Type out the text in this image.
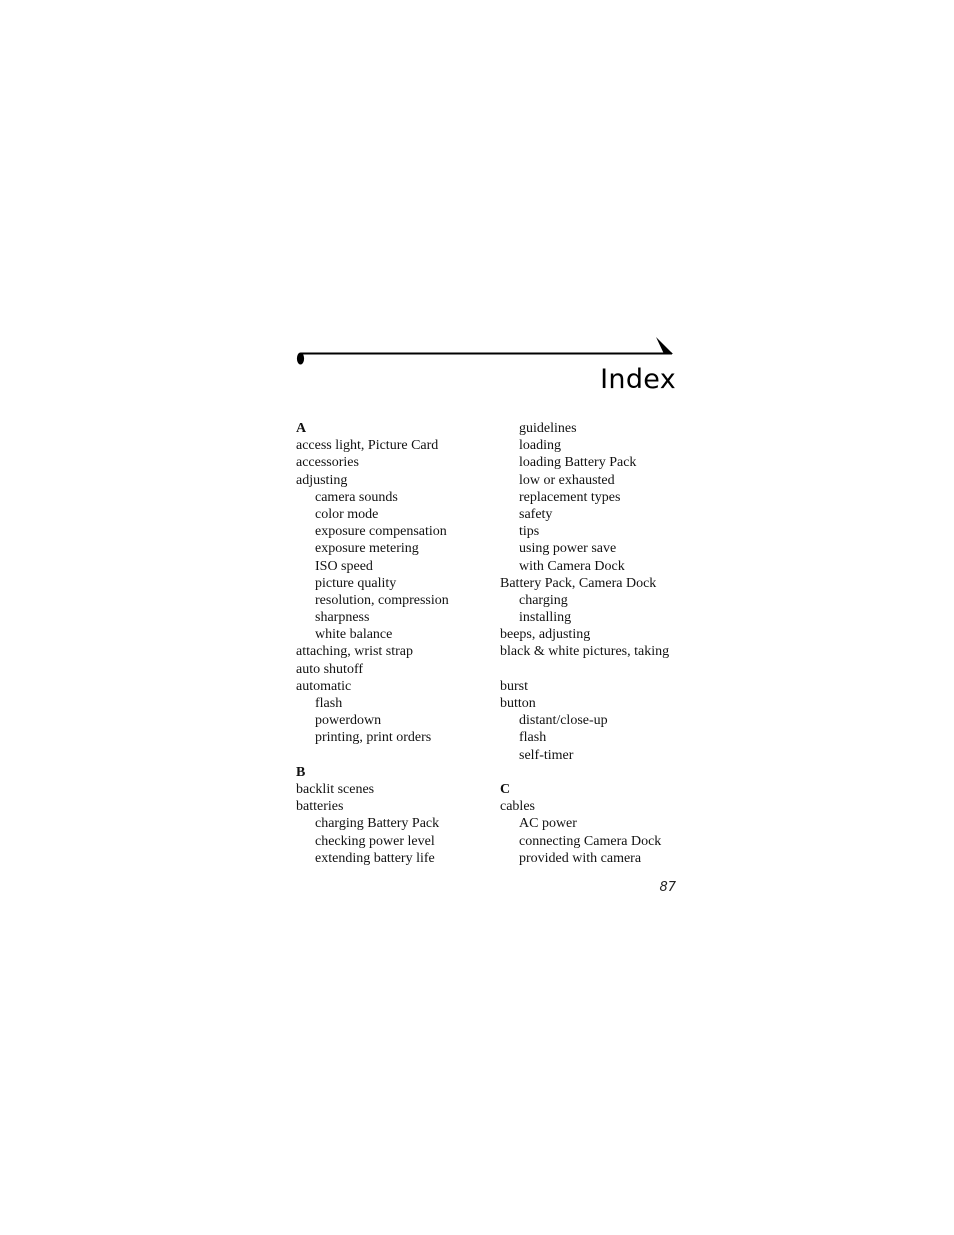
Index
A
access light, Picture Card
accessories
adjusting
camera sounds
color mode
exposure compensation
exposure metering
ISO speed
picture quality
resolution, compression
sharpness
white balance
attaching, wrist strap
auto shutoff
automatic
flash
powerdown
printing, print orders
B
backlit scenes
batteries
charging Battery Pack
checking power level
extending battery life
guidelines
loading
loading Battery Pack
low or exhausted
replacement types
safety
tips
using power save
with Camera Dock
Battery Pack, Camera Dock
charging
installing
beeps, adjusting
black & white pictures, taking
burst
button
distant/close-up
flash
self-timer
C
cables
AC power
connecting Camera Dock
provided with camera
87
